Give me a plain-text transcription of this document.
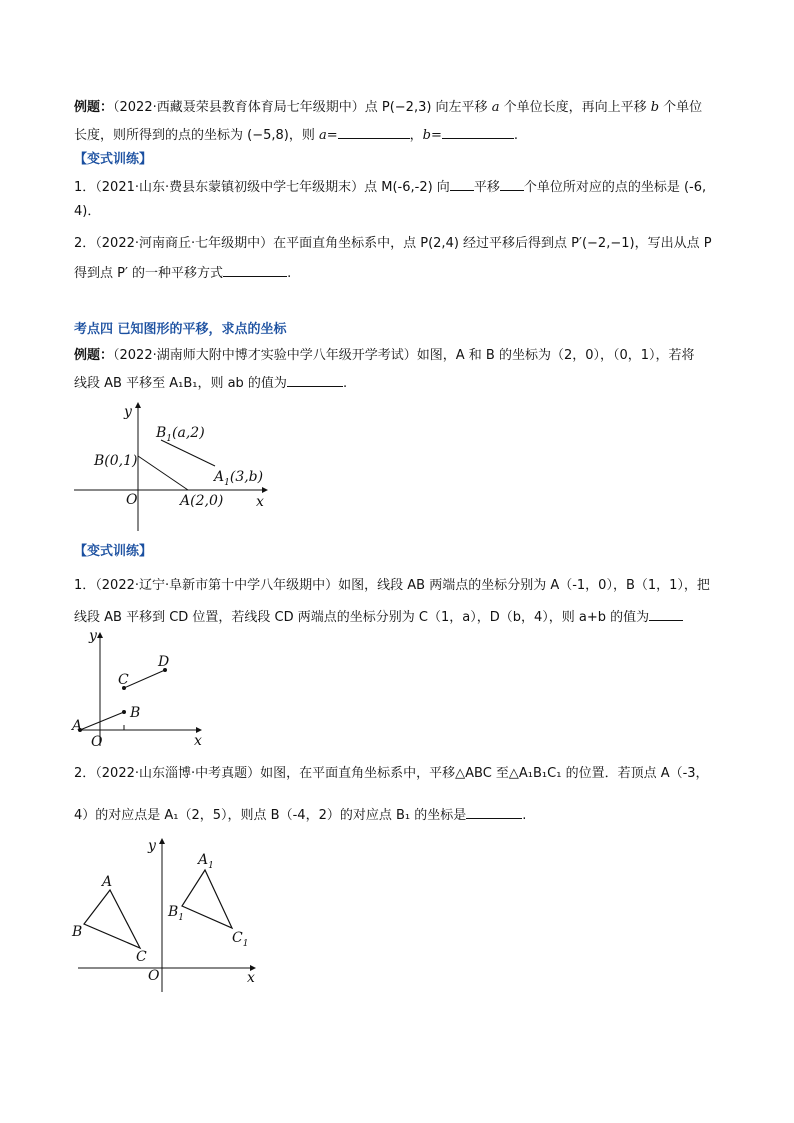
例题：（2022·西藏聂荣县教育体育局七年级期中）点 P(−2,3) 向左平移 a 个单位长度，再向上平移 b 个单位
长度，则所得到的点的坐标为 (−5,8)，则 a=	，b=	.
【变式训练】
1．（2021·山东·费县东蒙镇初级中学七年级期末）点 M(-6,-2) 向 平移 个单位所对应的点的坐标是 (-6,
4)．
2．（2022·河南商丘·七年级期中）在平面直角坐标系中，点 P(2,4) 经过平移后得到点 P′(−2,−1)，写出从点 P
得到点 P′ 的一种平移方式	.
考点四 已知图形的平移，求点的坐标
例题：（2022·湖南师大附中博才实验中学八年级开学考试）如图，A 和 B 的坐标为（2，0），（0，1），若将
线段 AB 平移至 A₁B₁，则 ab 的值为	.
x
y
O
B(0,1)
A(2,0)
$B_1(a,2)$
$A_1(3,b)$
【变式训练】
1．（2022·辽宁·阜新市第十中学八年级期中）如图，线段 AB 两端点的坐标分别为 A（-1，0），B（1，1），把
线段 AB 平移到 CD 位置，若线段 CD 两端点的坐标分别为 C（1，a），D（b，4），则 a+b 的值为
x
y
O
A
B
C
D
2．（2022·山东淄博·中考真题）如图，在平面直角坐标系中，平移△ABC 至△A₁B₁C₁ 的位置．若顶点 A（-3，
4）的对应点是 A₁（2，5），则点 B（-4，2）的对应点 B₁ 的坐标是	.
x
y
O
A
B
C
$A_1$
$B_1$
$C_1$
